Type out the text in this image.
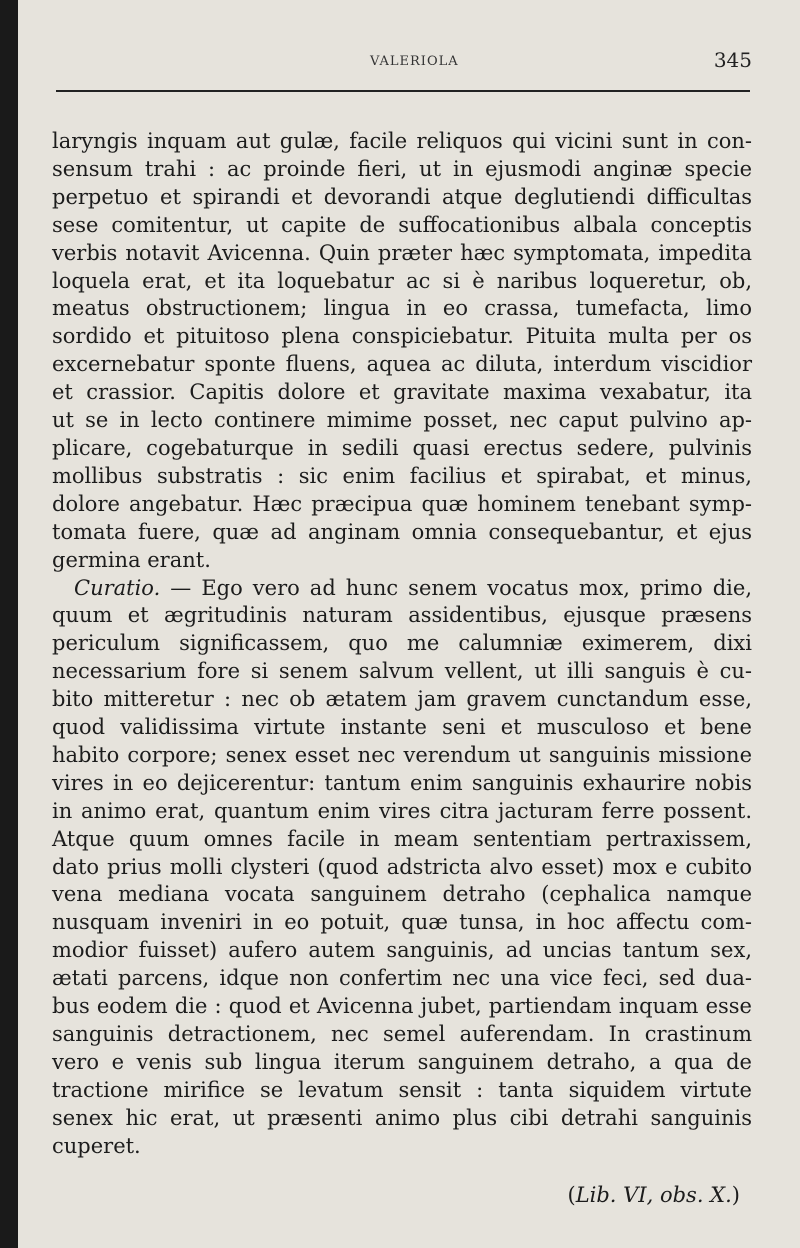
VALERIOLA	345
laryngis inquam aut gulæ, facile reliquos qui vicini sunt in con-
sensum trahi : ac proinde fieri, ut in ejusmodi anginæ specie
perpetuo et spirandi et devorandi atque deglutiendi difficultas
sese comitentur, ut capite de suffocationibus albala conceptis
verbis notavit Avicenna. Quin præter hæc symptomata, impedita
loquela erat, et ita loquebatur ac si è naribus loqueretur, ob,
meatus obstructionem; lingua in eo crassa, tumefacta, limo
sordido et pituitoso plena conspiciebatur. Pituita multa per os
excernebatur sponte fluens, aquea ac diluta, interdum viscidior
et crassior. Capitis dolore et gravitate maxima vexabatur, ita
ut se in lecto continere mimime posset, nec caput pulvino ap-
plicare, cogebaturque in sedili quasi erectus sedere, pulvinis
mollibus substratis : sic enim facilius et spirabat, et minus,
dolore angebatur. Hæc præcipua quæ hominem tenebant symp-
tomata fuere, quæ ad anginam omnia consequebantur, et ejus
germina erant.
Curatio. — Ego vero ad hunc senem vocatus mox, primo die,
quum et ægritudinis naturam assidentibus, ejusque præsens
periculum significassem, quo me calumniæ eximerem, dixi
necessarium fore si senem salvum vellent, ut illi sanguis è cu-
bito mitteretur : nec ob ætatem jam gravem cunctandum esse,
quod validissima virtute instante seni et musculoso et bene
habito corpore; senex esset nec verendum ut sanguinis missione
vires in eo dejicerentur: tantum enim sanguinis exhaurire nobis
in animo erat, quantum enim vires citra jacturam ferre possent.
Atque quum omnes facile in meam sententiam pertraxissem,
dato prius molli clysteri (quod adstricta alvo esset) mox e cubito
vena mediana vocata sanguinem detraho (cephalica namque
nusquam inveniri in eo potuit, quæ tunsa, in hoc affectu com-
modior fuisset) aufero autem sanguinis, ad uncias tantum sex,
ætati parcens, idque non confertim nec una vice feci, sed dua-
bus eodem die : quod et Avicenna jubet, partiendam inquam esse
sanguinis detractionem, nec semel auferendam. In crastinum
vero e venis sub lingua iterum sanguinem detraho, a qua de
tractione mirifice se levatum sensit : tanta siquidem virtute
senex hic erat, ut præsenti animo plus cibi detrahi sanguinis
cuperet.
(Lib. VI, obs. X.)
